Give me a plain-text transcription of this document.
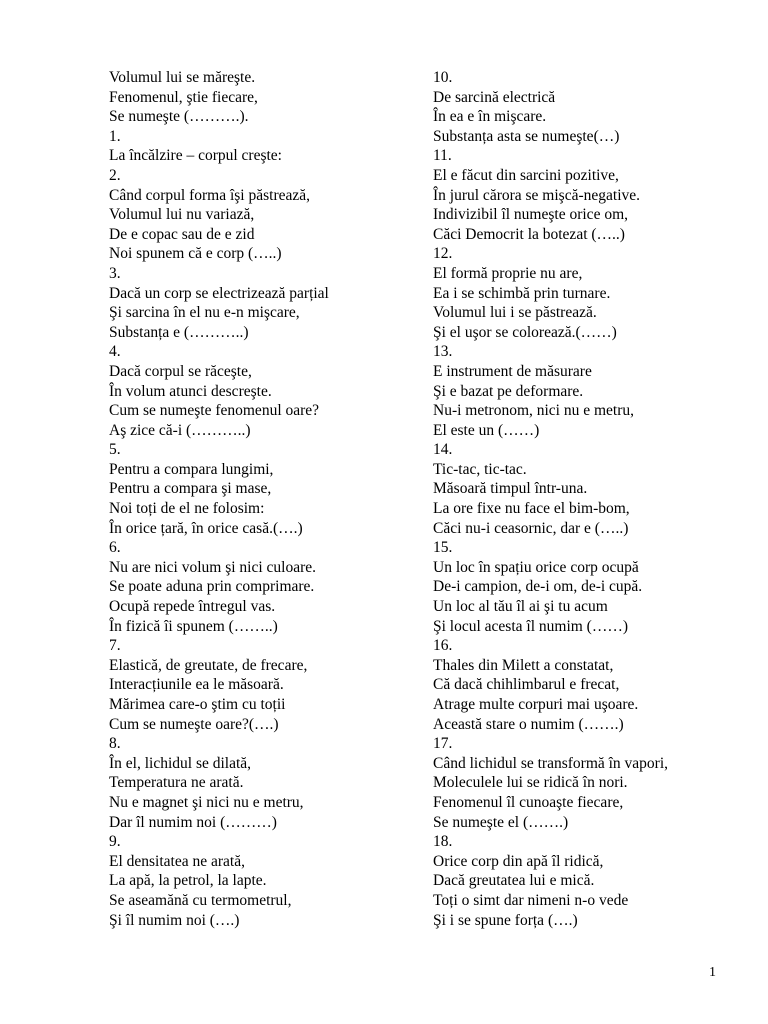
Volumul lui se măreşte.
Fenomenul, ştie fiecare,
Se numeşte (……….).
1.
La încălzire – corpul creşte:
2.
Când corpul forma îşi păstrează,
Volumul lui nu variază,
De e copac sau de e zid
Noi spunem că e corp (…..)
3.
Dacă un corp se electrizează parțial
Şi sarcina în el nu e-n mişcare,
Substanța e (………..)
4.
Dacă corpul se răceşte,
În volum atunci descreşte.
Cum se numeşte fenomenul oare?
Aş zice că-i (………..)
5.
Pentru a compara lungimi,
Pentru a compara şi mase,
Noi toți de el ne folosim:
În orice țară, în orice casă.(….)
6.
Nu are nici volum şi nici culoare.
Se poate aduna prin comprimare.
Ocupă repede întregul vas.
În fizică îi spunem (……..)
7.
Elastică, de greutate, de frecare,
Interacțiunile ea le măsoară.
Mărimea care-o ştim cu toții
Cum se numeşte oare?(….)
8.
În el, lichidul se dilată,
Temperatura ne arată.
Nu e magnet şi nici nu e metru,
Dar îl numim noi (………)
9.
El densitatea ne arată,
La apă, la petrol, la lapte.
Se aseamănă cu termometrul,
Şi îl numim noi (….)
10.
De sarcină electrică
În ea e în mişcare.
Substanța asta se numeşte(…)
11.
El e făcut din sarcini pozitive,
În jurul cărora se mişcă-negative.
Indivizibil îl numeşte orice om,
Căci Democrit la botezat (…..)
12.
El formă proprie nu are,
Ea i se schimbă prin turnare.
Volumul lui i se păstrează.
Şi el uşor se colorează.(……)
13.
E instrument de măsurare
Şi e bazat pe deformare.
Nu-i metronom, nici nu e metru,
El este un (……)
14.
Tic-tac, tic-tac.
Măsoară timpul într-una.
La ore fixe nu face el bim-bom,
Căci nu-i ceasornic, dar e (…..)
15.
Un loc în spațiu orice corp ocupă
De-i campion, de-i om, de-i cupă.
Un loc al tău îl ai şi tu acum
Şi locul acesta îl numim (……)
16.
Thales din Milett a constatat,
Că dacă chihlimbarul e frecat,
Atrage multe corpuri mai uşoare.
Această stare o numim (…….)
17.
Când lichidul se transformă în vapori,
Moleculele lui se ridică în nori.
Fenomenul îl cunoaşte fiecare,
Se numeşte el (…….)
18.
Orice corp din apă îl ridică,
Dacă greutatea lui e mică.
Toți o simt dar nimeni n-o vede
Şi i se spune forța (….)
1
